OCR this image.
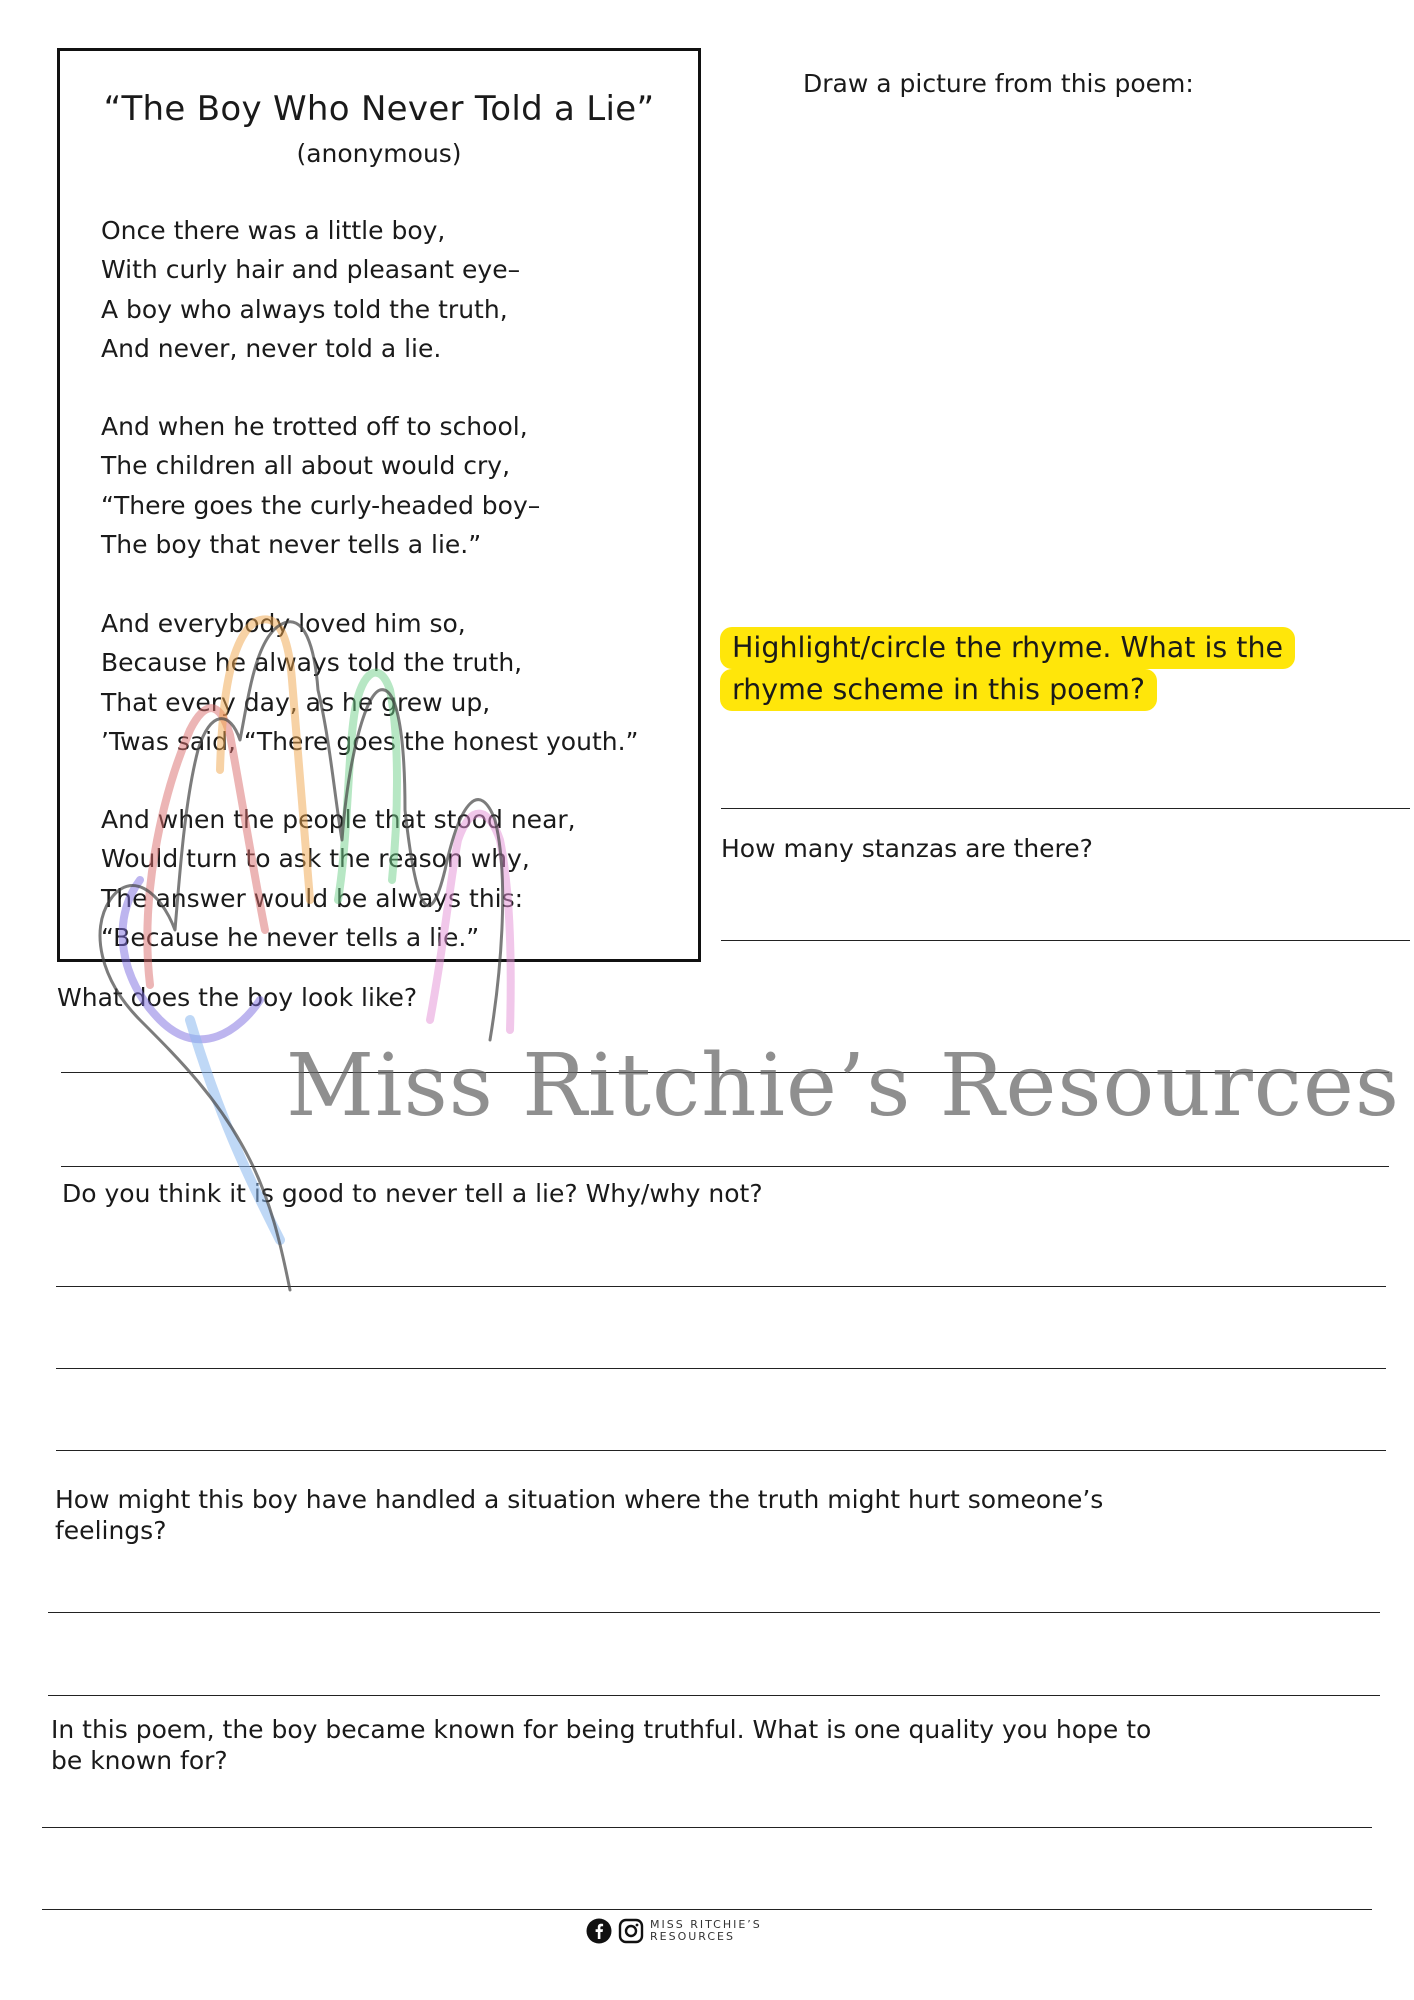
“The Boy Who Never Told a Lie”
(anonymous)
Once there was a little boy,
With curly hair and pleasant eye–
A boy who always told the truth,
And never, never told a lie.
And when he trotted off to school,
The children all about would cry,
“There goes the curly-headed boy–
The boy that never tells a lie.”
And everybody loved him so,
Because he always told the truth,
That every day, as he grew up,
’Twas said, “There goes the honest youth.”
And when the people that stood near,
Would turn to ask the reason why,
The answer would be always this:
“Because he never tells a lie.”
Draw a picture from this poem:
Highlight/circle the rhyme. What is the
rhyme scheme in this poem?
How many stanzas are there?
What does the boy look like?
Do you think it is good to never tell a lie? Why/why not?
How might this boy have handled a situation where the truth might hurt someone’s
feelings?
In this poem, the boy became known for being truthful. What is one quality you hope to
be known for?
Miss Ritchie’s Resources
MISS RITCHIE’S
RESOURCES
